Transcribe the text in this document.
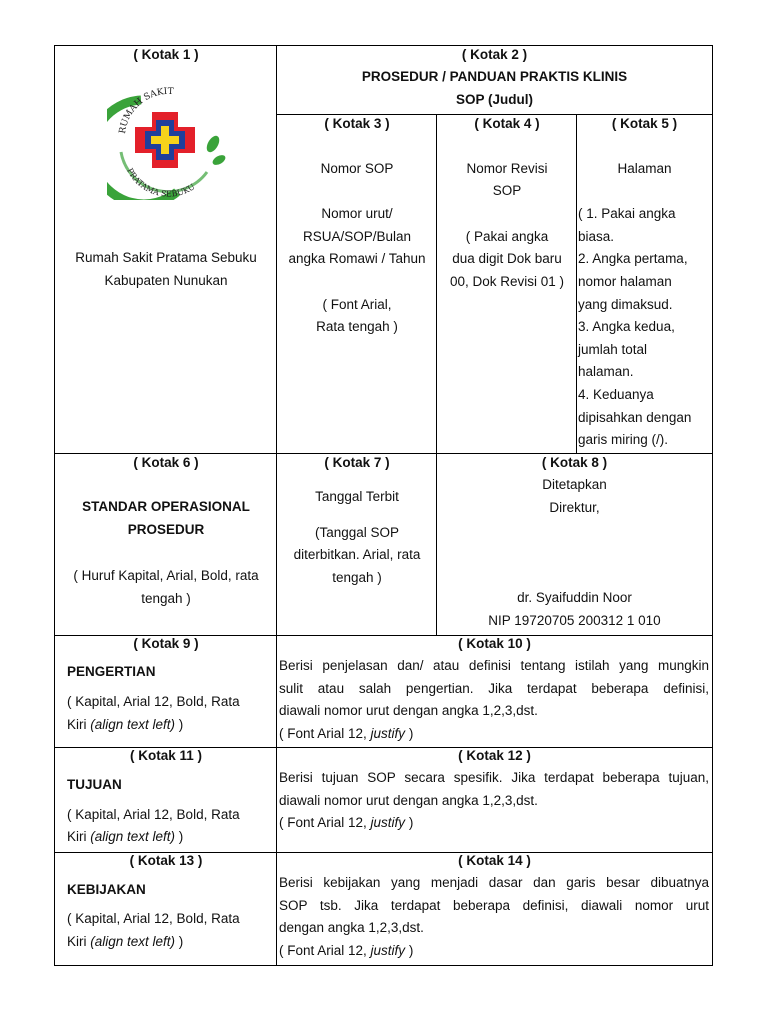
( Kotak 1 )
RUMAH SAKIT
PRATAMA SEBUKU
Rumah Sakit Pratama Sebuku
Kabupaten Nunukan
( Kotak 2 )
PROSEDUR / PANDUAN PRAKTIS KLINIS
SOP (Judul)
( Kotak 3 )
Nomor SOP
Nomor urut/
RSUA/SOP/Bulan
angka Romawi / Tahun
( Font Arial,
Rata tengah )
( Kotak 4 )
Nomor Revisi
SOP
( Pakai angka
dua digit Dok baru
00, Dok Revisi 01 )
( Kotak 5 )
Halaman
( 1. Pakai angka
biasa.
2. Angka pertama,
nomor halaman
yang dimaksud.
3. Angka kedua,
jumlah total
halaman.
4. Keduanya
dipisahkan dengan
garis miring (/).
( Kotak 6 )
STANDAR OPERASIONAL
PROSEDUR
( Huruf Kapital, Arial, Bold, rata
tengah )
( Kotak 7 )
Tanggal Terbit
(Tanggal SOP
diterbitkan. Arial, rata
tengah )
( Kotak 8 )
Ditetapkan
Direktur,
dr. Syaifuddin Noor
NIP 19720705 200312 1 010
( Kotak 9 )
PENGERTIAN
( Kapital, Arial 12, Bold, Rata
Kiri (align text left) )
( Kotak 10 )
Berisi penjelasan dan/ atau definisi tentang istilah yang mungkin
sulit atau salah pengertian. Jika terdapat beberapa definisi,
diawali nomor urut dengan angka 1,2,3,dst.
( Font Arial 12, justify )
( Kotak 11 )
TUJUAN
( Kapital, Arial 12, Bold, Rata
Kiri (align text left) )
( Kotak 12 )
Berisi tujuan SOP secara spesifik. Jika terdapat beberapa tujuan,
diawali nomor urut dengan angka 1,2,3,dst.
( Font Arial 12, justify )
( Kotak 13 )
KEBIJAKAN
( Kapital, Arial 12, Bold, Rata
Kiri (align text left) )
( Kotak 14 )
Berisi kebijakan yang menjadi dasar dan garis besar dibuatnya
SOP tsb. Jika terdapat beberapa definisi, diawali nomor urut
dengan angka 1,2,3,dst.
( Font Arial 12, justify )
